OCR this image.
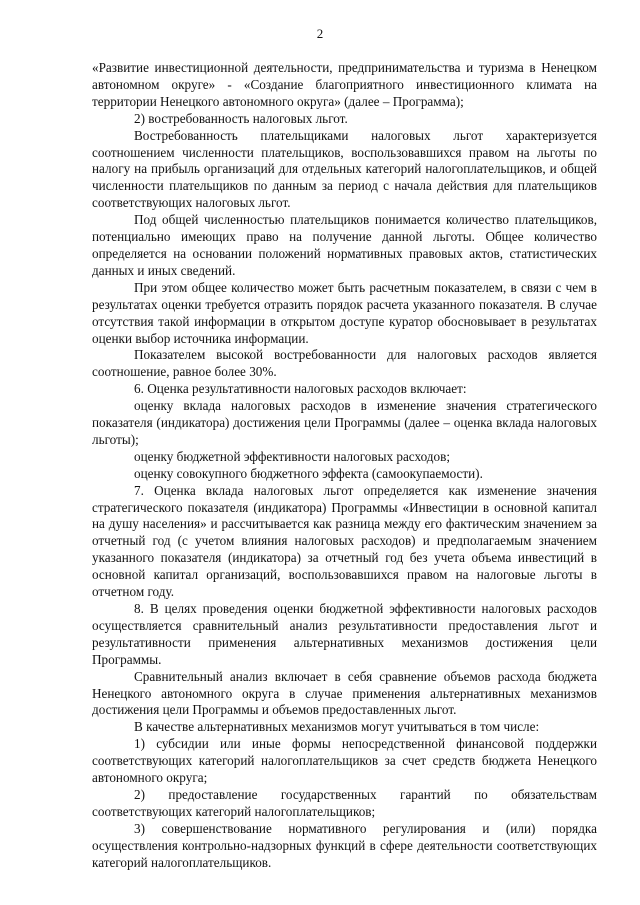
2

«Развитие инвестиционной деятельности, предпринимательства и туризма в Ненецком автономном округе» - «Создание благоприятного инвестиционного климата на территории Ненецкого автономного округа» (далее – Программа);

2) востребованность налоговых льгот.

Востребованность плательщиками налоговых льгот характеризуется соотношением численности плательщиков, воспользовавшихся правом на льготы по налогу на прибыль организаций для отдельных категорий налогоплательщиков, и общей численности плательщиков по данным за период с начала действия для плательщиков соответствующих налоговых льгот.

Под общей численностью плательщиков понимается количество плательщиков, потенциально имеющих право на получение данной льготы. Общее количество определяется на основании положений нормативных правовых актов, статистических данных и иных сведений.

При этом общее количество может быть расчетным показателем, в связи с чем в результатах оценки требуется отразить порядок расчета указанного показателя. В случае отсутствия такой информации в открытом доступе куратор обосновывает в результатах оценки выбор источника информации.

Показателем высокой востребованности для налоговых расходов является соотношение, равное более 30%.

6. Оценка результативности налоговых расходов включает:

оценку вклада налоговых расходов в изменение значения стратегического показателя (индикатора) достижения цели Программы (далее – оценка вклада налоговых льготы);

оценку бюджетной эффективности налоговых расходов;

оценку совокупного бюджетного эффекта (самоокупаемости).

7. Оценка вклада налоговых льгот определяется как изменение значения стратегического показателя (индикатора) Программы «Инвестиции в основной капитал на душу населения» и рассчитывается как разница между его фактическим значением за отчетный год (с учетом влияния налоговых расходов) и предполагаемым значением указанного показателя (индикатора) за отчетный год без учета объема инвестиций в основной капитал организаций, воспользовавшихся правом на налоговые льготы в отчетном году.

8. В целях проведения оценки бюджетной эффективности налоговых расходов осуществляется сравнительный анализ результативности предоставления льгот и результативности применения альтернативных механизмов достижения цели Программы.

Сравнительный анализ включает в себя сравнение объемов расхода бюджета Ненецкого автономного округа в случае применения альтернативных механизмов достижения цели Программы и объемов предоставленных льгот.

В качестве альтернативных механизмов могут учитываться в том числе:

1) субсидии или иные формы непосредственной финансовой поддержки соответствующих категорий налогоплательщиков за счет средств бюджета Ненецкого автономного округа;

2) предоставление государственных гарантий по обязательствам соответствующих категорий налогоплательщиков;

3) совершенствование нормативного регулирования и (или) порядка осуществления контрольно-надзорных функций в сфере деятельности соответствующих категорий налогоплательщиков.
